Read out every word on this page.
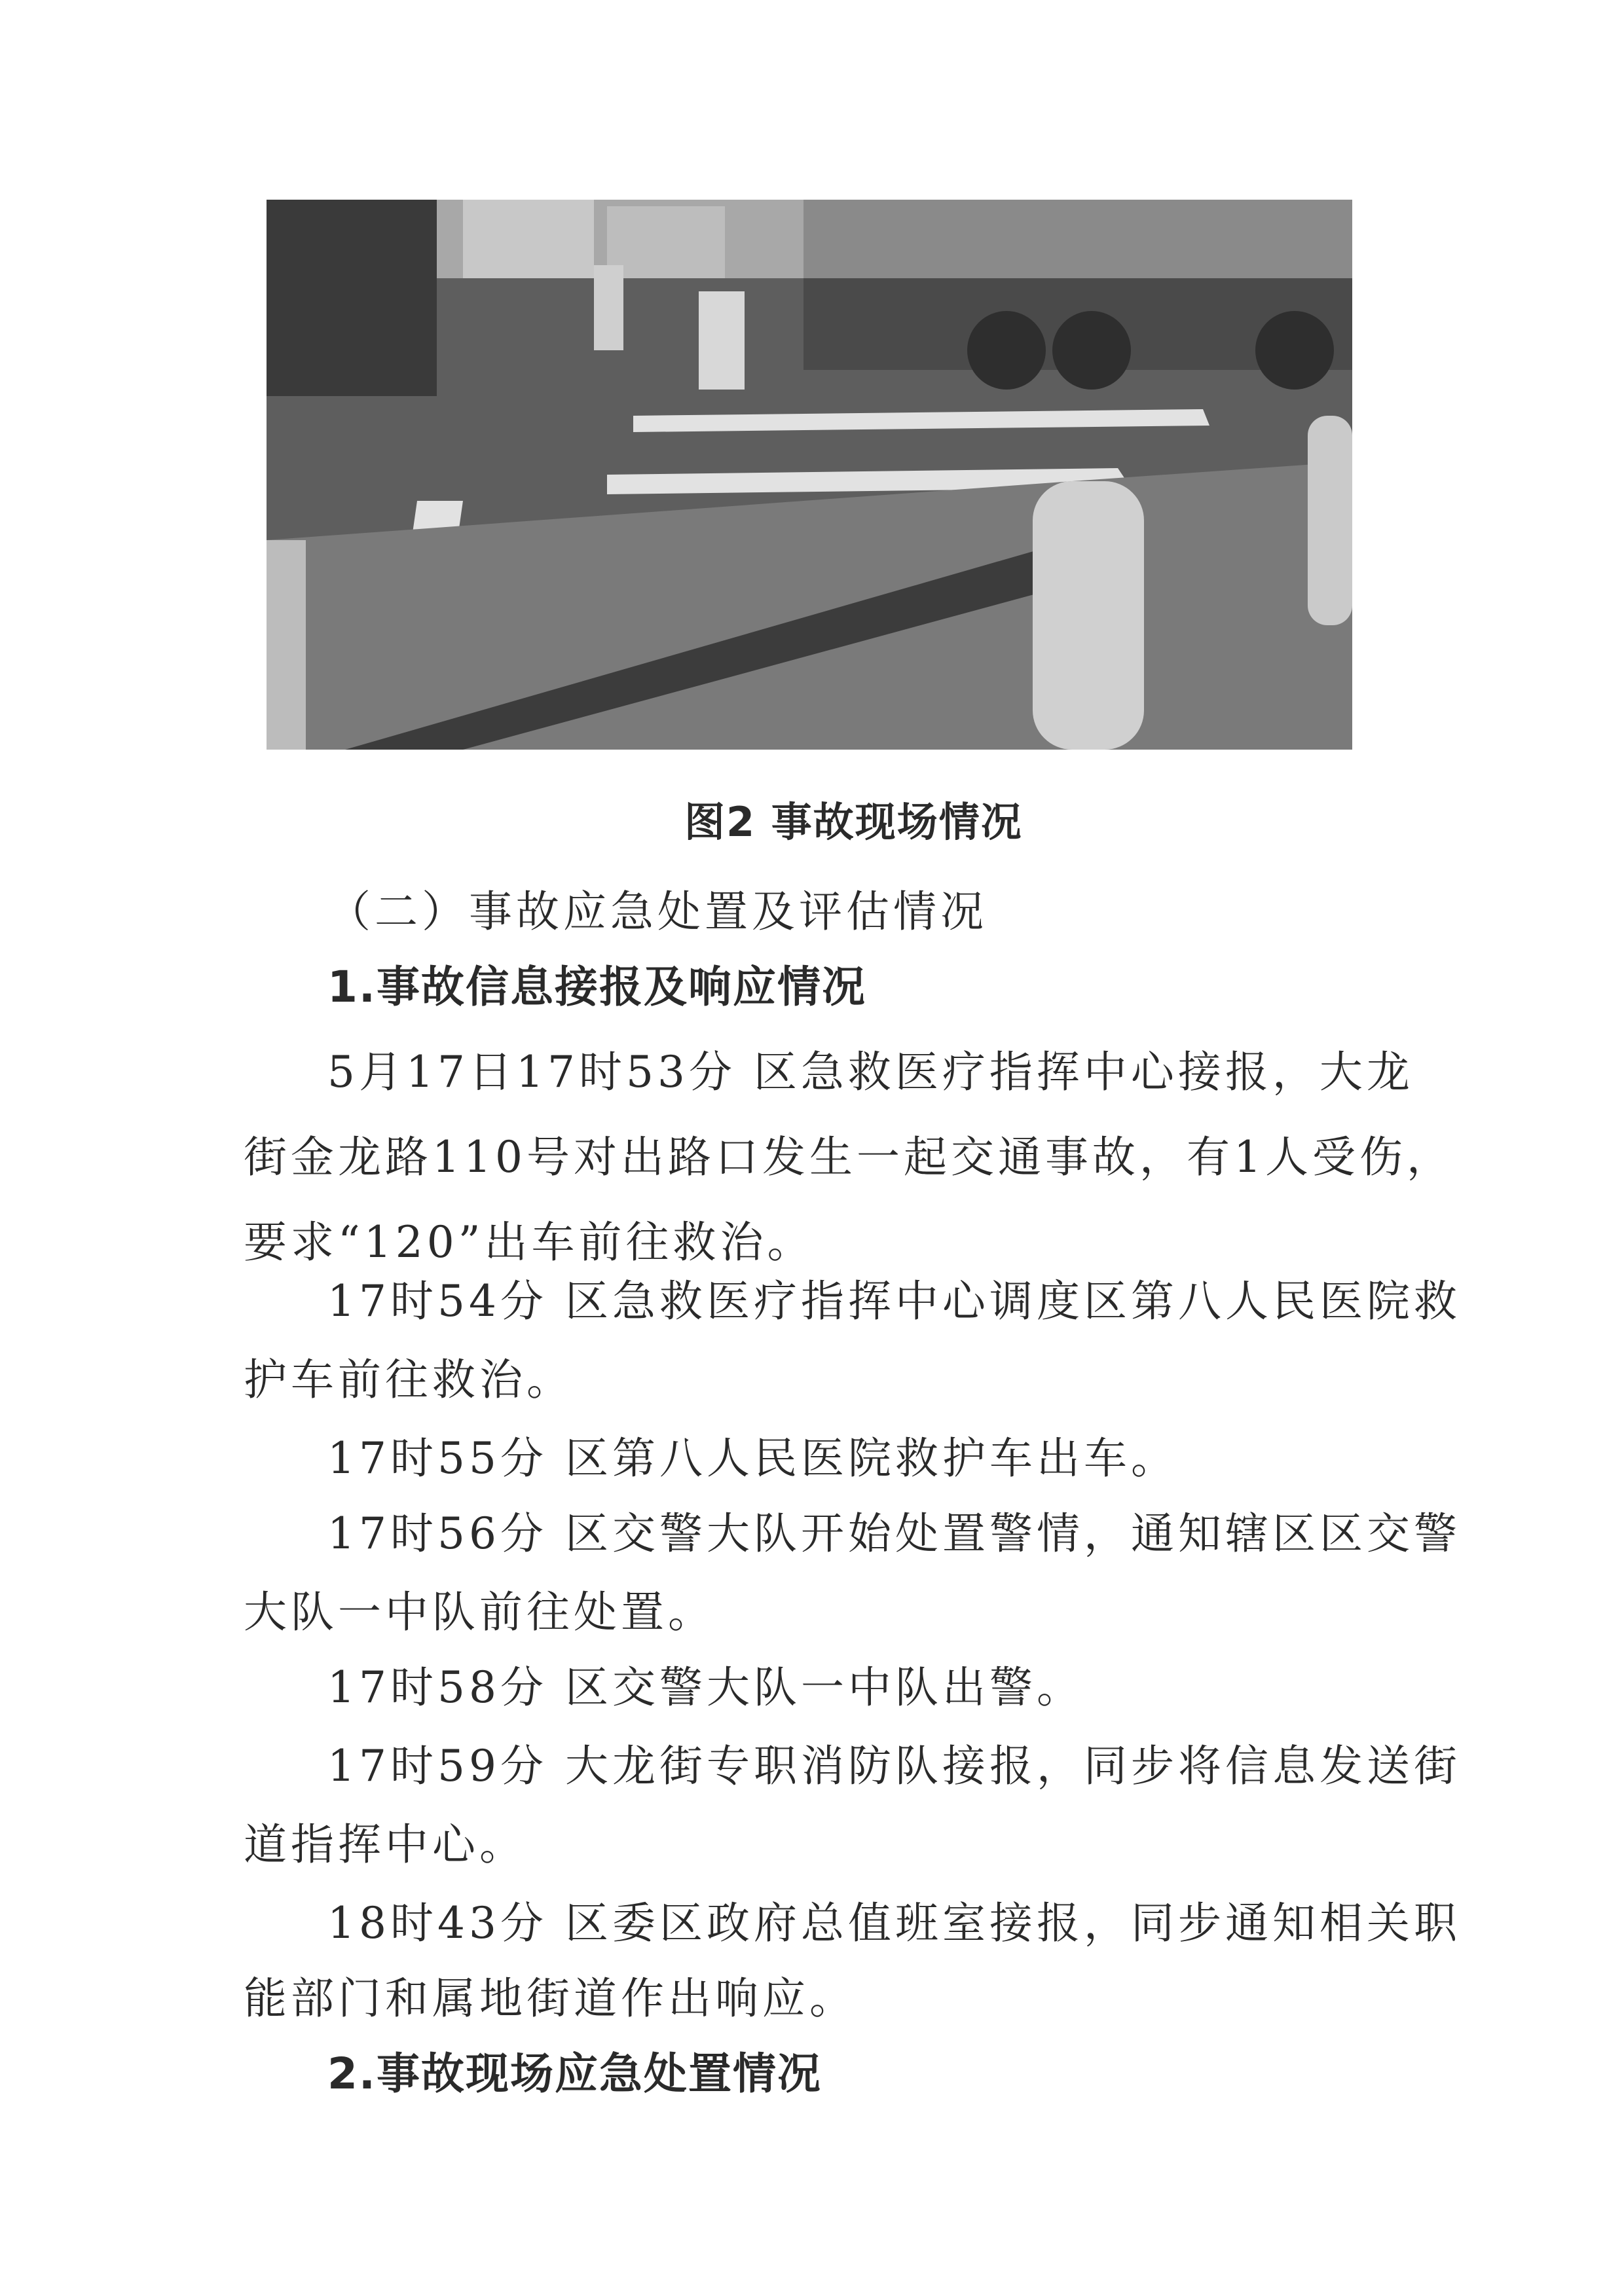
图2 事故现场情况
（二）事故应急处置及评估情况
1.事故信息接报及响应情况
5月17日17时53分 区急救医疗指挥中心接报，大龙
街金龙路110号对出路口发生一起交通事故，有1人受伤，
要求“120”出车前往救治。
17时54分 区急救医疗指挥中心调度区第八人民医院救
护车前往救治。
17时55分 区第八人民医院救护车出车。
17时56分 区交警大队开始处置警情，通知辖区区交警
大队一中队前往处置。
17时58分 区交警大队一中队出警。
17时59分 大龙街专职消防队接报，同步将信息发送街
道指挥中心。
18时43分 区委区政府总值班室接报，同步通知相关职
能部门和属地街道作出响应。
2.事故现场应急处置情况
